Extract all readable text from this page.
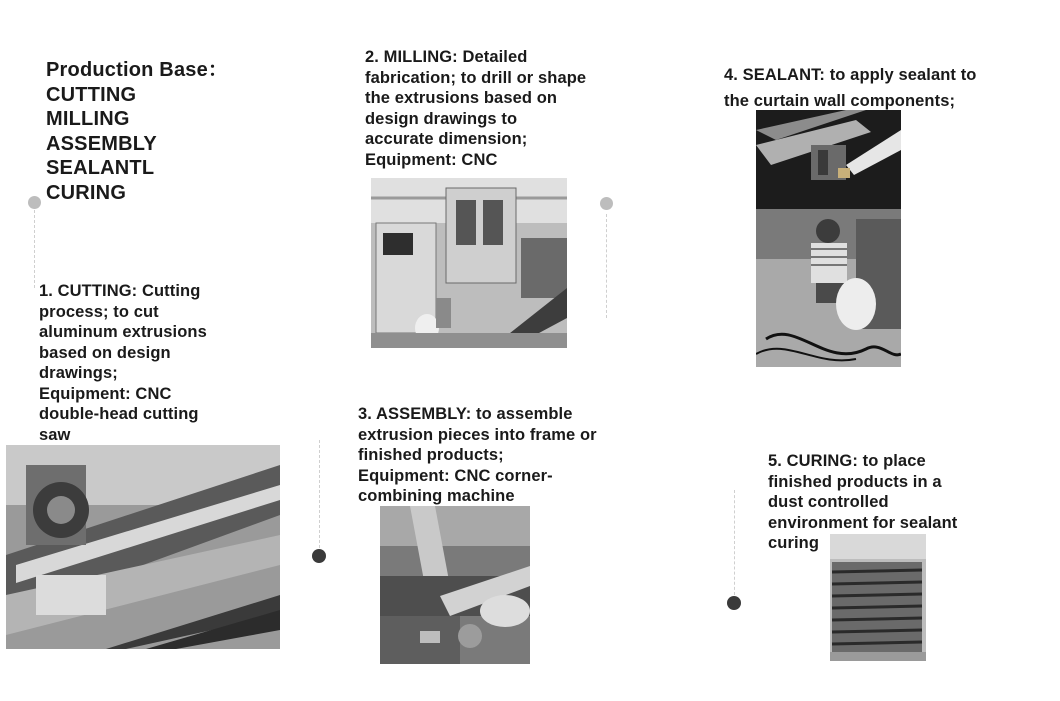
Production Base：
CUTTING
MILLING
ASSEMBLY
SEALANTL
CURING
1. CUTTING: Cutting
process; to cut
aluminum extrusions
based on design
drawings;
Equipment: CNC
double-head cutting
saw
2. MILLING: Detailed
fabrication; to drill or shape
the extrusions based on
design drawings to
accurate dimension;
Equipment: CNC
3. ASSEMBLY: to assemble
extrusion pieces into frame or
finished products;
Equipment: CNC corner-
combining machine
4. SEALANT: to apply sealant to
the curtain wall components;
5. CURING: to place
finished products in a
dust controlled
environment for sealant
curing
